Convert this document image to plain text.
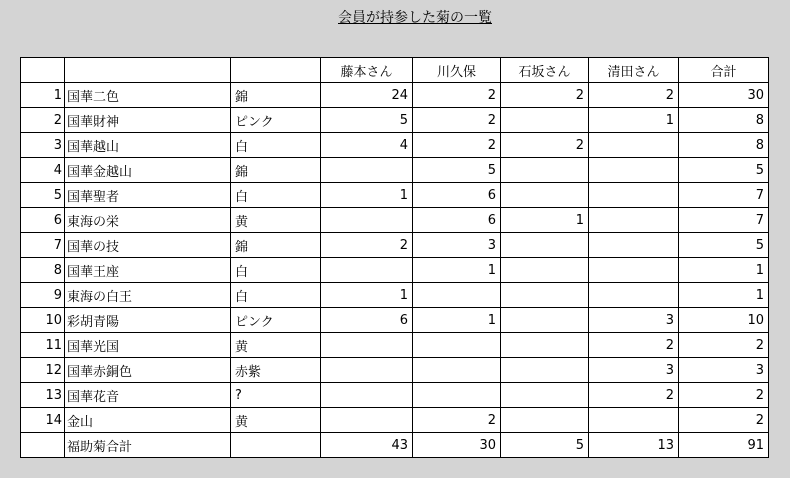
会員が持参した菊の一覧
			藤本さん	川久保	石坂さん	清田さん	合計
1	国華二色	錦	24	2	2	2	30
2	国華財神	ピンク	5	2		1	8
3	国華越山	白	4	2	2		8
4	国華金越山	錦		5			5
5	国華聖者	白	1	6			7
6	東海の栄	黄		6	1		7
7	国華の技	錦	2	3			5
8	国華王座	白		1			1
9	東海の白王	白	1				1
10	彩胡青陽	ピンク	6	1		3	10
11	国華光国	黄				2	2
12	国華赤銅色	赤紫				3	3
13	国華花音	?				2	2
14	金山	黄		2			2
	福助菊合計		43	30	5	13	91
